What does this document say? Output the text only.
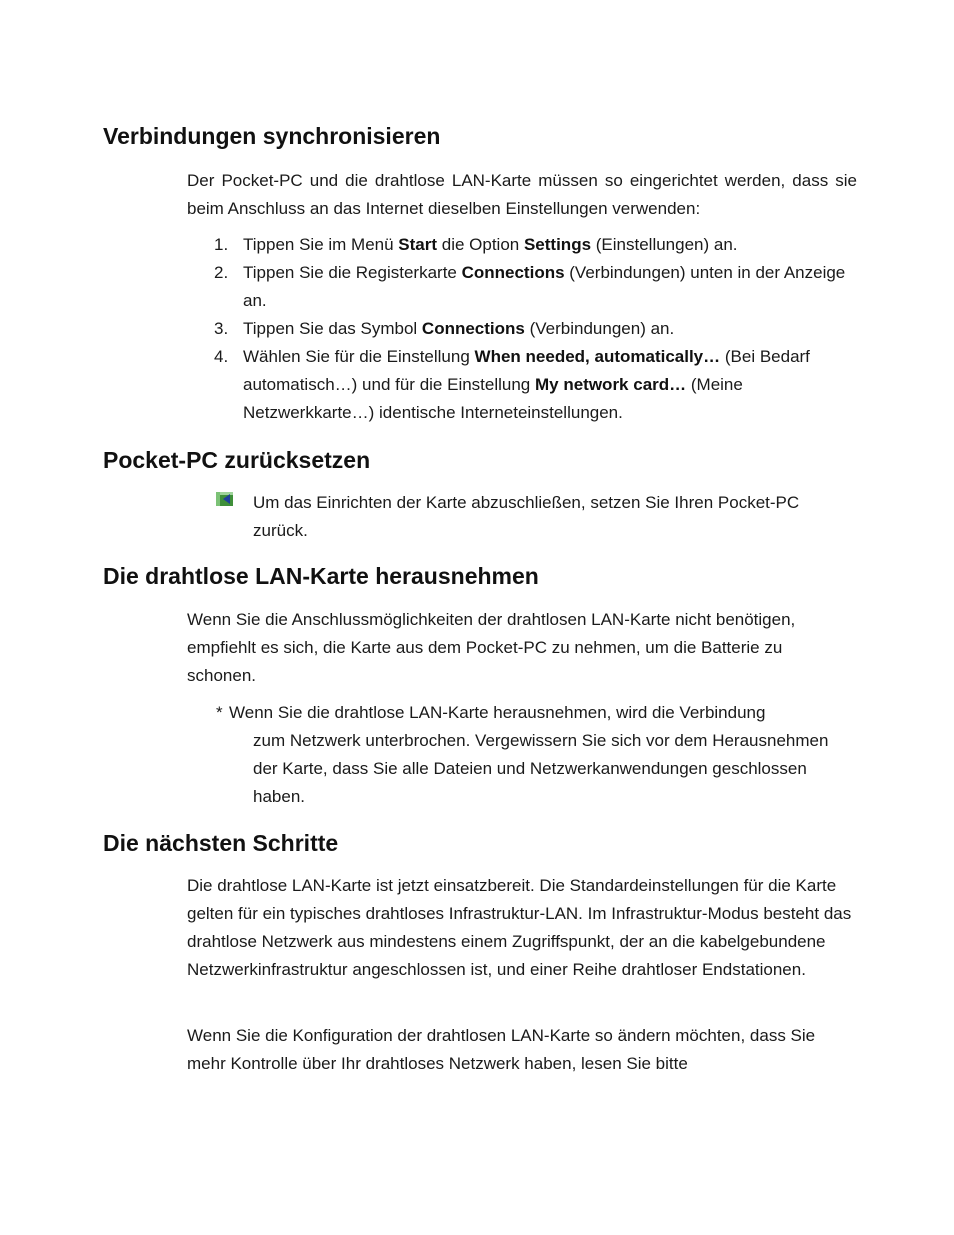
Verbindungen synchronisieren

Der Pocket-PC und die drahtlose LAN-Karte müssen so eingerichtet werden, dass sie beim Anschluss an das Internet dieselben Einstellungen verwenden:

1. Tippen Sie im Menü Start die Option Settings (Einstellungen) an.
2. Tippen Sie die Registerkarte Connections (Verbindungen) unten in der Anzeige an.
3. Tippen Sie das Symbol Connections (Verbindungen) an.
4. Wählen Sie für die Einstellung When needed, automatically… (Bei Bedarf automatisch…) und für die Einstellung My network card… (Meine Netzwerkkarte…) identische Interneteinstellungen.
Pocket-PC zurücksetzen
Um das Einrichten der Karte abzuschließen, setzen Sie Ihren Pocket-PC zurück.
Die drahtlose LAN-Karte herausnehmen

Wenn Sie die Anschlussmöglichkeiten der drahtlosen LAN-Karte nicht benötigen, empfiehlt es sich, die Karte aus dem Pocket-PC zu nehmen, um die Batterie zu schonen.

* Wenn Sie die drahtlose LAN-Karte herausnehmen, wird die Verbindung
zum Netzwerk unterbrochen. Vergewissern Sie sich vor dem Herausnehmen der Karte, dass Sie alle Dateien und Netzwerkanwendungen geschlossen haben.
Die nächsten Schritte

Die drahtlose LAN-Karte ist jetzt einsatzbereit. Die Standardeinstellungen für die Karte gelten für ein typisches drahtloses Infrastruktur-LAN. Im Infrastruktur-Modus besteht das drahtlose Netzwerk aus mindestens einem Zugriffspunkt, der an die kabelgebundene Netzwerkinfrastruktur angeschlossen ist, und einer Reihe drahtloser Endstationen.

Wenn Sie die Konfiguration der drahtlosen LAN-Karte so ändern möchten, dass Sie mehr Kontrolle über Ihr drahtloses Netzwerk haben, lesen Sie bitte
